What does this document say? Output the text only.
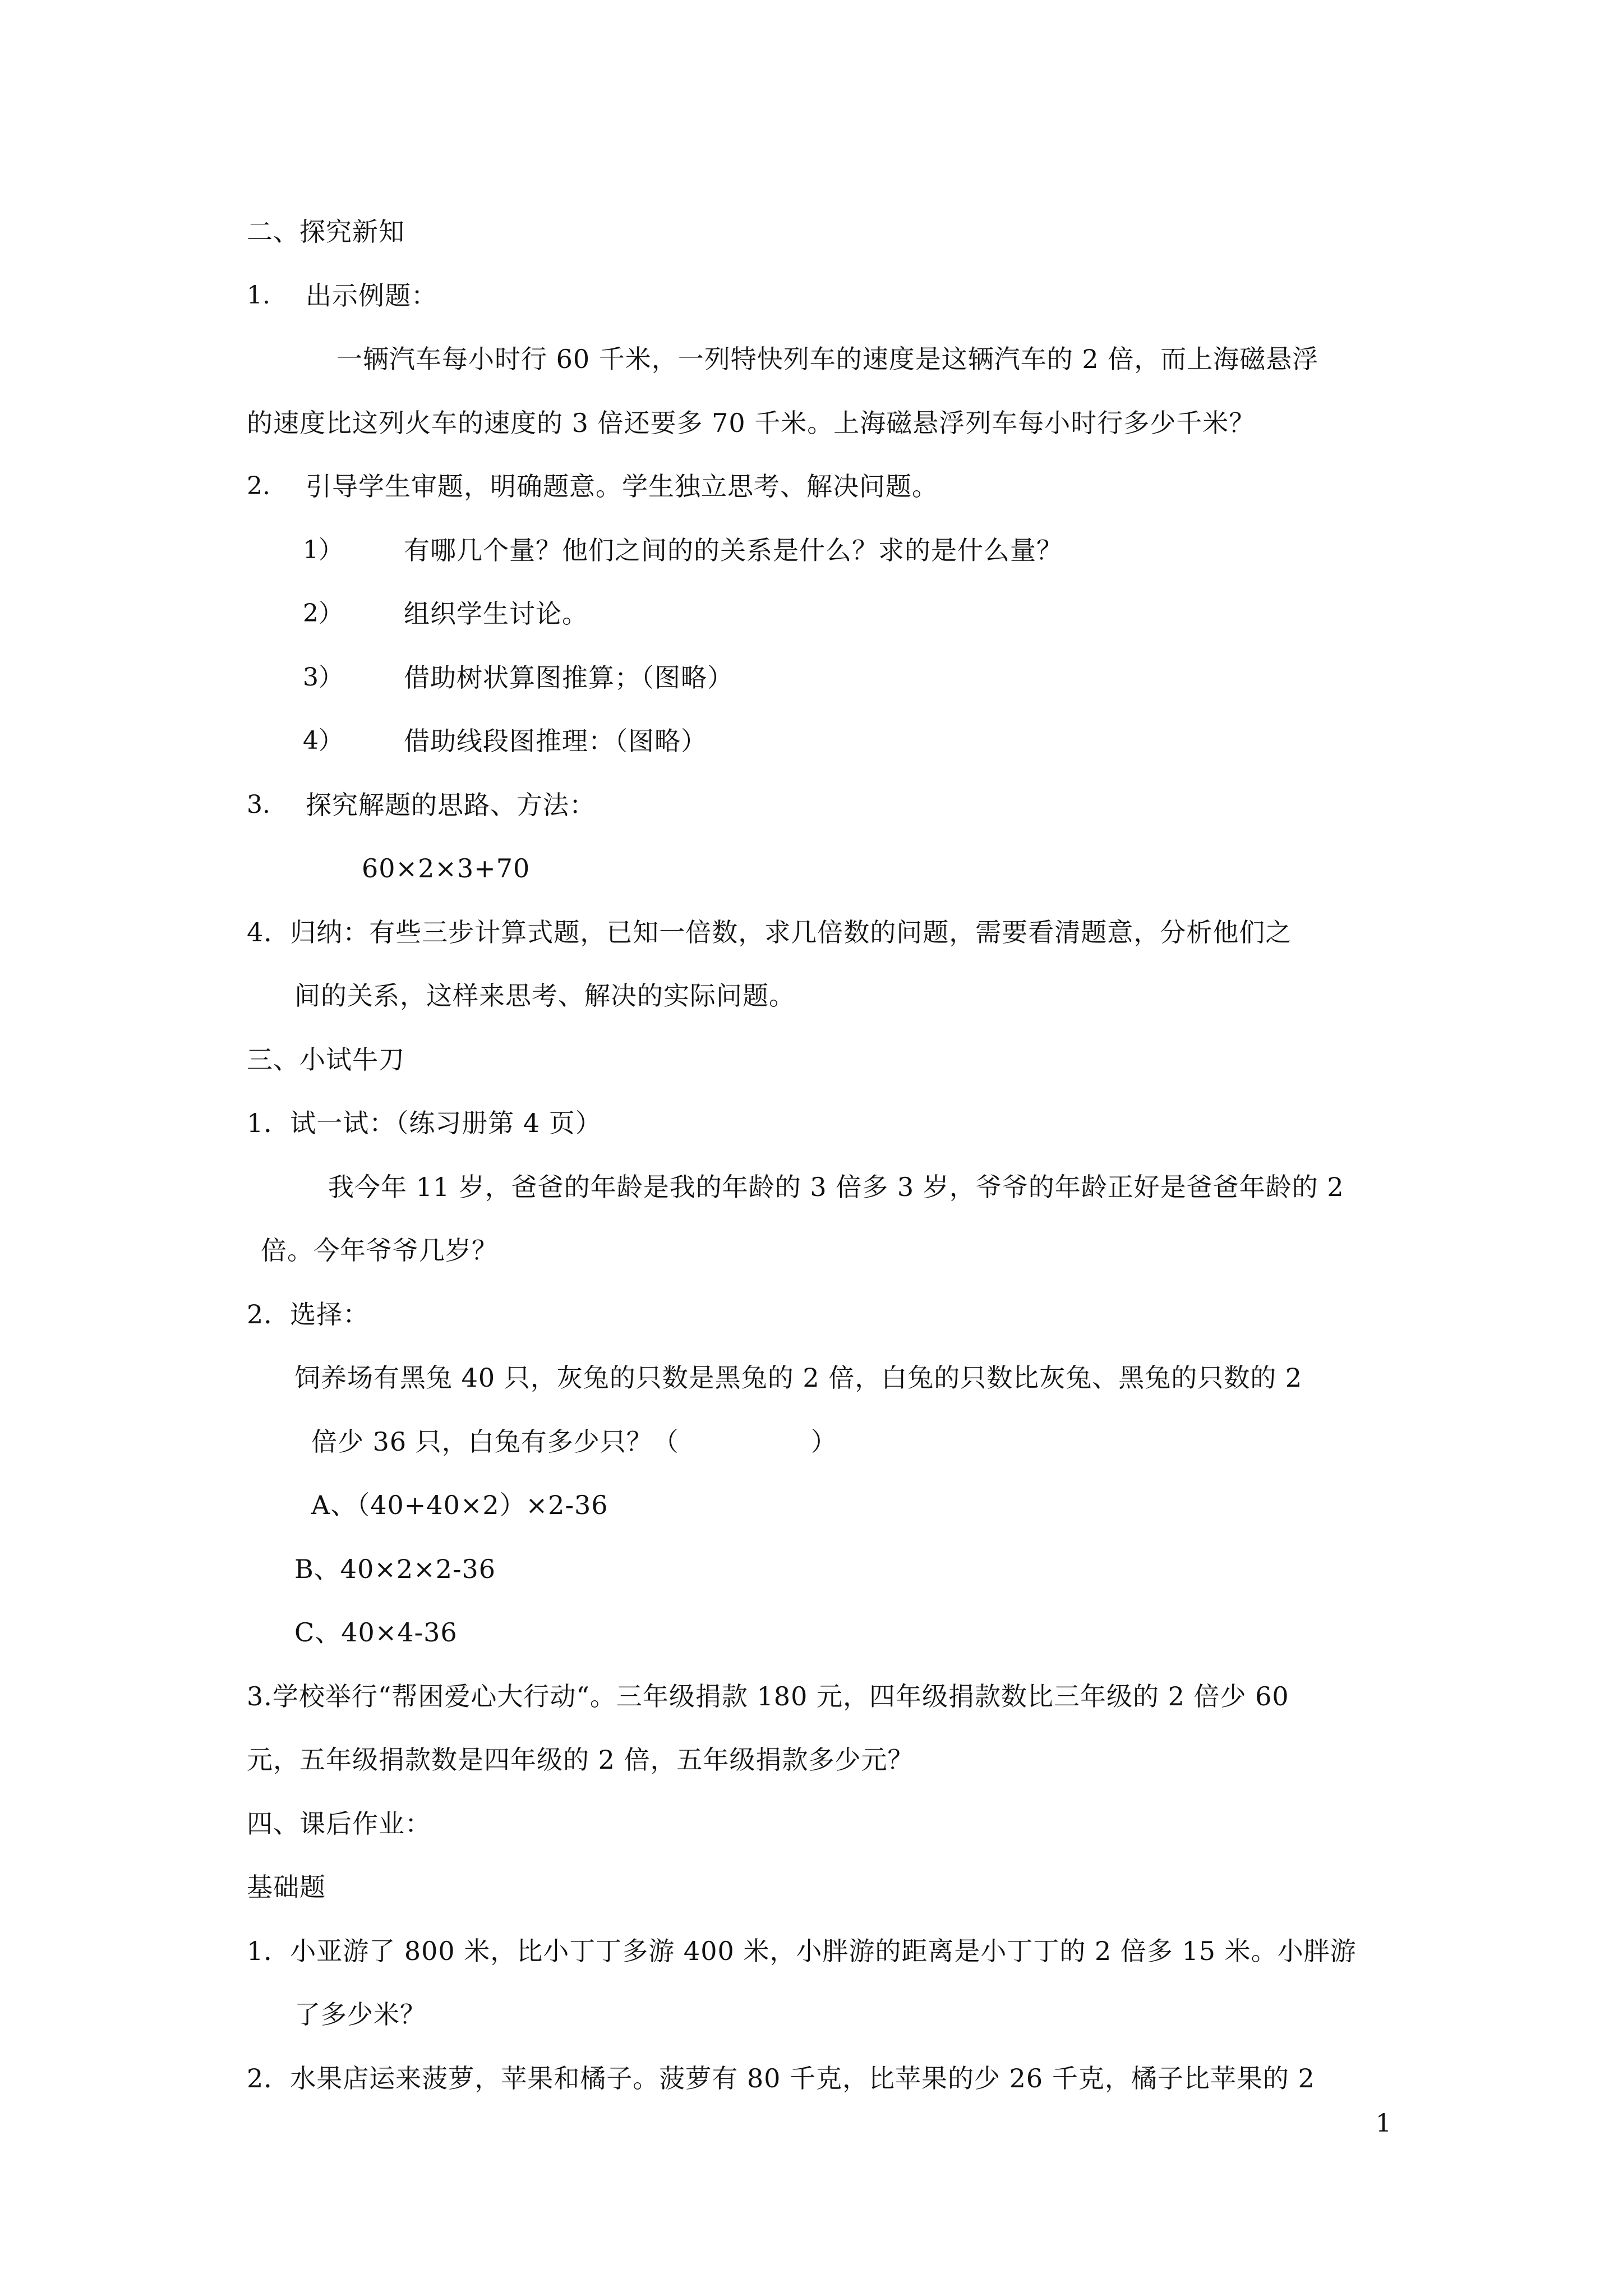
二、探究新知

1. 出示例题：

一辆汽车每小时行 60 千米，一列特快列车的速度是这辆汽车的 2 倍，而上海磁悬浮

的速度比这列火车的速度的 3 倍还要多 70 千米。上海磁悬浮列车每小时行多少千米？

2. 引导学生审题，明确题意。学生独立思考、解决问题。

1） 有哪几个量？他们之间的的关系是什么？求的是什么量？

2） 组织学生讨论。

3） 借助树状算图推算；（图略）

4） 借助线段图推理：（图略）

3. 探究解题的思路、方法：

60×2×3+70

4．归纳：有些三步计算式题，已知一倍数，求几倍数的问题，需要看清题意，分析他们之

间的关系，这样来思考、解决的实际问题。

三、小试牛刀

1．试一试：（练习册第 4 页）

我今年 11 岁，爸爸的年龄是我的年龄的 3 倍多 3 岁，爷爷的年龄正好是爸爸年龄的 2

倍。今年爷爷几岁？

2．选择：

饲养场有黑兔 40 只，灰兔的只数是黑兔的 2 倍，白兔的只数比灰兔、黑兔的只数的 2

倍少 36 只，白兔有多少只？（　　　　　）

A、（40+40×2）×2-36

B、40×2×2-36

C、40×4-36

3.学校举行“帮困爱心大行动“。三年级捐款 180 元，四年级捐款数比三年级的 2 倍少 60

元，五年级捐款数是四年级的 2 倍，五年级捐款多少元？

四、课后作业：

基础题

1．小亚游了 800 米，比小丁丁多游 400 米，小胖游的距离是小丁丁的 2 倍多 15 米。小胖游

了多少米？

2．水果店运来菠萝，苹果和橘子。菠萝有 80 千克，比苹果的少 26 千克，橘子比苹果的 2

1
